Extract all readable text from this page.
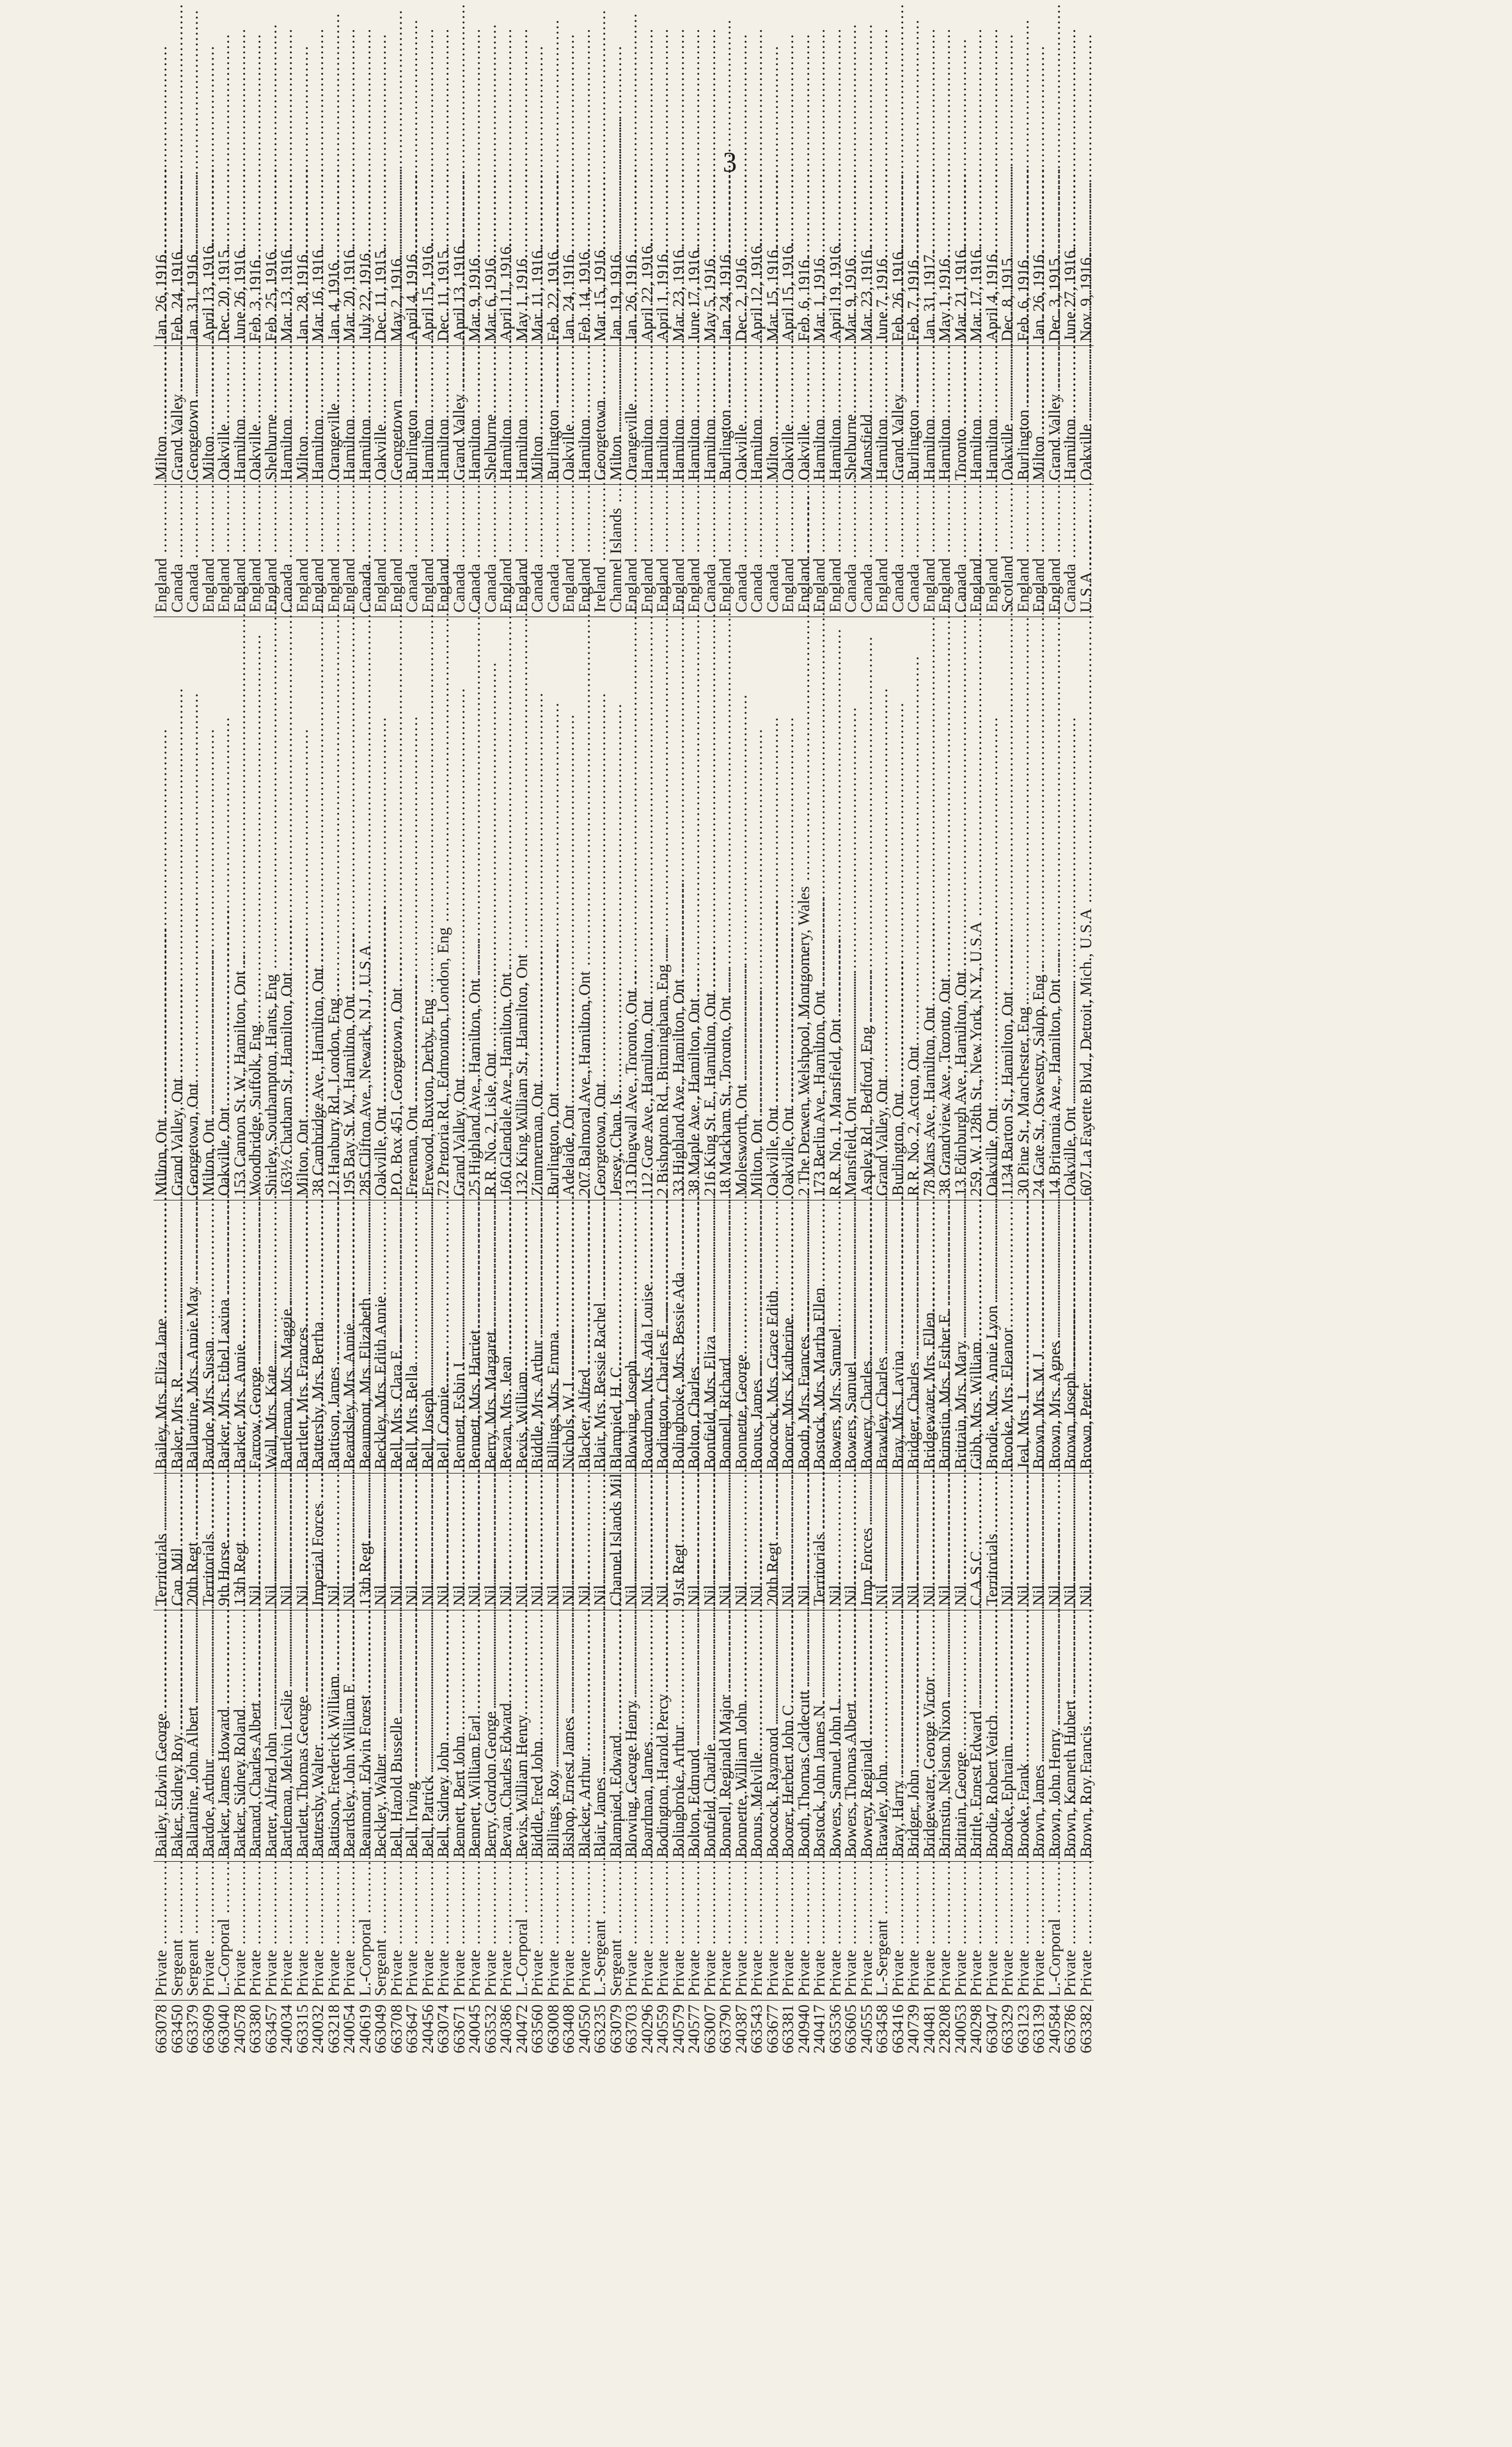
3
663078	Private .....	Bailey, Edwin George .....	Territorials .....	Bailey, Mrs. Eliza Jane .....	Milton, Ont .....	England .....	Milton .....	Jan. 26, 1916.
663450	Sergeant .....	Baker, Sidney Roy .....	Can. Mil .....	Baker, Mrs. R. .....	Grand Valley, Ont .....	Canada .....	Grand Valley .....	Feb. 24, 1916.
663379	Sergeant .....	Ballantine, John Albert .....	20th Regt .....	Ballantine, Mrs. Annie May .....	Georgetown, Ont .....	Canada .....	Georgetown .....	Jan. 31, 1916.
663609	Private .....	Bardoe, Arthur .....	Territorials .....	Bardoe, Mrs. Susan .....	Milton, Ont .....	England .....	Milton .....	April 13, 1916.
663040	L.-Corporal .....	Barker, James Howard .....	9th Horse .....	Barker, Mrs. Ethel Lavina .....	Oakville, Ont .....	England .....	Oakville .....	Dec. 20, 1915.
240578	Private .....	Barker, Sidney Roland .....	13th Regt .....	Barker, Mrs. Annie .....	153 Cannon St. W., Hamilton, Ont .....	England .....	Hamilton .....	June 26, 1916.
663380	Private .....	Barnard, Charles Albert .....	Nil .....	Farrow, George .....	Woodbridge, Suffolk, Eng .....	England .....	Oakville .....	Feb. 3, 1916.
663457	Private .....	Barter, Alfred John .....	Nil .....	Wall, Mrs. Kate .....	Shirley, Southampton, Hants, Eng .....	England .....	Shelburne .....	Feb. 25, 1916.
240034	Private .....	Bartleman, Melvin Leslie .....	Nil .....	Bartleman, Mrs. Maggie .....	163½ Chatham St., Hamilton, Ont .....	Canada .....	Hamilton .....	Mar. 13, 1916.
663315	Private .....	Bartlett, Thomas George .....	Nil .....	Bartlett, Mrs. Frances .....	Milton, Ont .....	England .....	Milton .....	Jan. 28, 1916.
240032	Private .....	Battersby, Walter .....	Imperial Forces .....	Battersby, Mrs. Bertha .....	38 Cambridge Ave., Hamilton, Ont .....	England .....	Hamilton .....	Mar. 16, 1916.
663218	Private .....	Battison, Frederick William .....	Nil .....	Battison, James .....	12 Hanbury Rd., London, Eng .....	England .....	Orangeville .....	Jan. 4, 1916.
240054	Private .....	Beardsley, John William E .....	Nil .....	Beardsley, Mrs. Annie .....	195 Bay St. W., Hamilton, Ont .....	England .....	Hamilton .....	Mar. 20, 1916.
240619	L.-Corporal .....	Beaumont, Edwin Forest .....	13th Regt .....	Beaumont, Mrs. Elizabeth .....	285 Clifton Ave., Newark, N.J., U.S.A .....	Canada .....	Hamilton .....	July 22, 1916.
663049	Sergeant .....	Beckley, Walter .....	Nil .....	Beckley, Mrs. Edith Annie .....	Oakville, Ont .....	England .....	Oakville .....	Dec. 11, 1915.
663708	Private .....	Bell, Harold Busselle .....	Nil .....	Bell, Mrs. Clara E. .....	P.O. Box 451, Georgetown, Ont .....	England .....	Georgetown .....	May 2, 1916.
663647	Private .....	Bell, Irving .....	Nil .....	Bell, Mrs. Bella .....	Freeman, Ont .....	Canada .....	Burlington .....	April 4, 1916.
240456	Private .....	Bell, Patrick .....	Nil .....	Bell, Joseph .....	Erewood, Buxton, Derby, Eng .....	England .....	Hamilton .....	April 15, 1916.
663074	Private .....	Bell, Sidney John .....	Nil .....	Bell, Connie .....	72 Pretoria Rd., Edmonton, London, Eng .....	England .....	Hamilton .....	Dec. 11, 1915.
663671	Private .....	Bennett, Bert John .....	Nil .....	Bennett, Esbin J .....	Grand Valley, Ont .....	Canada .....	Grand Valley .....	April 13, 1916.
240045	Private .....	Bennett, William Earl .....	Nil .....	Bennett, Mrs. Harriet .....	25 Highland Ave., Hamilton, Ont .....	Canada .....	Hamilton .....	Mar. 9, 1916.
663532	Private .....	Berry, Gordon George .....	Nil .....	Berry, Mrs. Margaret .....	R.R. No. 2, Lisle, Ont .....	Canada .....	Shelburne .....	Mar. 6, 1916.
240386	Private .....	Bevan, Charles Edward .....	Nil .....	Bevan, Mrs. Jean .....	160 Glendale Ave., Hamilton, Ont .....	England .....	Hamilton .....	April 11, 1916.
240472	L.-Corporal .....	Bevis, William Henry .....	Nil .....	Bevis, William .....	132 King William St., Hamilton, Ont .....	England .....	Hamilton .....	May 1, 1916.
663560	Private .....	Biddle, Fred John .....	Nil .....	Biddle, Mrs. Arthur .....	Zimmerman, Ont .....	Canada .....	Milton .....	Mar. 11, 1916.
663008	Private .....	Billings, Roy .....	Nil .....	Billings, Mrs. Emma .....	Burlington, Ont .....	Canada .....	Burlington .....	Feb. 22, 1916.
663408	Private .....	Bishop, Ernest James .....	Nil .....	Nichols, W. J .....	Adelaide, Ont .....	England .....	Oakville .....	Jan. 24, 1916.
240550	Private .....	Blacker, Arthur .....	Nil .....	Blacker, Alfred .....	207 Balmoral Ave., Hamilton, Ont .....	England .....	Hamilton .....	Feb. 14, 1916.
663235	L.-Sergeant .....	Blair, James .....	Nil .....	Blair, Mrs. Bessie Rachel .....	Georgetown, Ont .....	Ireland .....	Georgetown .....	Mar. 15, 1916.
663079	Sergeant .....	Blampied, Edward .....	Channel Islands Mil .....	Blampied, H. C .....	Jersey, Chan. Is .....	Channel Islands .....	Milton .....	Jan. 19, 1916.
663703	Private .....	Blowing, George Henry .....	Nil .....	Blowing, Joseph .....	13 Dingwall Ave., Toronto, Ont .....	England .....	Orangeville .....	Jan. 26, 1916.
240296	Private .....	Boardman, James .....	Nil .....	Boardman, Mrs. Ada Louise .....	112 Gore Ave., Hamilton, Ont .....	England .....	Hamilton .....	April 22, 1916.
240559	Private .....	Bodington, Harold Percy .....	Nil .....	Bodington, Charles F. .....	2 Bishopton Rd., Birmingham, Eng .....	England .....	Hamilton .....	April 1, 1916.
240579	Private .....	Bolingbroke, Arthur .....	91st Regt .....	Bolingbroke, Mrs. Bessie Ada .....	33 Highland Ave., Hamilton, Ont .....	England .....	Hamilton .....	Mar. 23, 1916.
240577	Private .....	Bolton, Edmund .....	Nil .....	Bolton, Charles .....	38 Maple Ave., Hamilton, Ont .....	England .....	Hamilton .....	June 17, 1916.
663007	Private .....	Bonfield, Charlie .....	Nil .....	Bonfield, Mrs. Eliza .....	216 King St. E., Hamilton, Ont .....	Canada .....	Hamilton .....	May 5, 1916.
663790	Private .....	Bonnell, Reginald Major .....	Nil .....	Bonnell, Richard .....	18 Mackham St., Toronto, Ont .....	England .....	Burlington .....	Jan. 24, 1916.
240387	Private .....	Bonnette, William John .....	Nil .....	Bonnette, George .....	Molesworth, Ont .....	Canada .....	Oakville .....	Dec. 2, 1916.
663543	Private .....	Bonus, Melville .....	Nil .....	Bonus, James .....	Milton, Ont .....	Canada .....	Hamilton .....	April 12, 1916.
663677	Private .....	Boocock, Raymond .....	20th Regt .....	Boocock, Mrs. Grace Edith .....	Oakville, Ont .....	Canada .....	Milton .....	Mar. 15, 1916.
663381	Private .....	Boorer, Herbert John C .....	Nil .....	Boorer, Mrs. Katherine .....	Oakville, Ont .....	England .....	Oakville .....	April 15, 1916.
240940	Private .....	Booth, Thomas Caldecutt .....	Nil .....	Booth, Mrs. Frances .....	2 The Derwen, Welshpool, Montgomery, Wales .....	England .....	Oakville .....	Feb. 6, 1916.
240417	Private .....	Bostock, John James N. .....	Territorials .....	Bostock, Mrs. Martha Ellen .....	173 Berlin Ave., Hamilton, Ont .....	England .....	Hamilton .....	Mar. 1, 1916.
663536	Private .....	Bowers, Samuel John L. .....	Nil .....	Bowers, Mrs. Samuel .....	R.R. No. 1, Mansfield, Ont .....	England .....	Hamilton .....	April 19, 1916.
663605	Private .....	Bowers, Thomas Albert .....	Nil .....	Bowers, Samuel .....	Mansfield, Ont .....	Canada .....	Shelburne .....	Mar. 9, 1916.
240555	Private .....	Bowery, Reginald .....	Imp. Forces .....	Bowery, Charles .....	Aspley Rd., Bedford, Eng .....	Canada .....	Mansfield .....	Mar. 23, 1916.
663458	L.-Sergeant .....	Brawley, John .....	Nil .....	Brawley, Charles .....	Grand Valley, Ont .....	England .....	Hamilton .....	June 7, 1916.
663416	Private .....	Bray, Harry .....	Nil .....	Bray, Mrs. Lavina .....	Burlington, Ont .....	Canada .....	Grand Valley .....	Feb. 26, 1916.
240739	Private .....	Bridger, John .....	Nil .....	Bridger, Charles .....	R.R. No. 2, Acton, Ont .....	Canada .....	Burlington .....	Feb. 7, 1916.
240481	Private .....	Bridgewater, George Victor .....	Nil .....	Bridgewater, Mrs. Ellen .....	78 Mars Ave., Hamilton, Ont .....	England .....	Hamilton .....	Jan. 31, 1917.
228208	Private .....	Brimstin, Nelson Nixon .....	Nil .....	Brimstin, Mrs. Esther E. .....	38 Grandview Ave., Toronto, Ont .....	England .....	Hamilton .....	May 1, 1916.
240053	Private .....	Brittain, George .....	Nil .....	Brittain, Mrs. Mary .....	13 Edinburgh Ave., Hamilton, Ont .....	Canada .....	Toronto .....	Mar. 21, 1916.
240298	Private .....	Brittle, Ernest Edward .....	C.A.S.C .....	Gibb, Mrs. William .....	259, W. 128th St., New York, N.Y., U.S.A .....	England .....	Hamilton .....	Mar. 17, 1916.
663047	Private .....	Brodie, Robert Veitch .....	Territorials .....	Brodie, Mrs. Annie Lyon .....	Oakville, Ont .....	England .....	Hamilton .....	April 4, 1916.
663329	Private .....	Brooke, Ephraim .....	Nil .....	Brooke, Mrs. Eleanor .....	1134 Barton St., Hamilton, Ont .....	Scotland .....	Oakville .....	Dec. 8, 1915.
663123	Private .....	Brooke, Frank .....	Nil .....	Jeal, Mrs. J. .....	30 Pine St., Manchester, Eng .....	England .....	Burlington .....	Feb. 6, 1916.
663139	Private .....	Brown, James .....	Nil .....	Brown, Mrs. M. J .....	24 Gate St., Oswestry, Salop, Eng .....	England .....	Milton .....	Jan. 26, 1916.
240584	L.-Corporal .....	Brown, John Henry .....	Nil .....	Brown, Mrs. Agnes .....	14 Britannia Ave., Hamilton, Ont .....	England .....	Grand Valley .....	Dec. 3, 1915.
663786	Private .....	Brown, Kenneth Hubert .....	Nil .....	Brown, Joseph .....	Oakville, Ont .....	Canada .....	Hamilton .....	June 27, 1916.
663382	Private .....	Brown, Roy Francis .....	Nil .....	Brown, Peter .....	607 La Fayette Blvd., Detroit, Mich., U.S.A .....	U.S.A .....	Oakville .....	Nov. 9, 1916.
